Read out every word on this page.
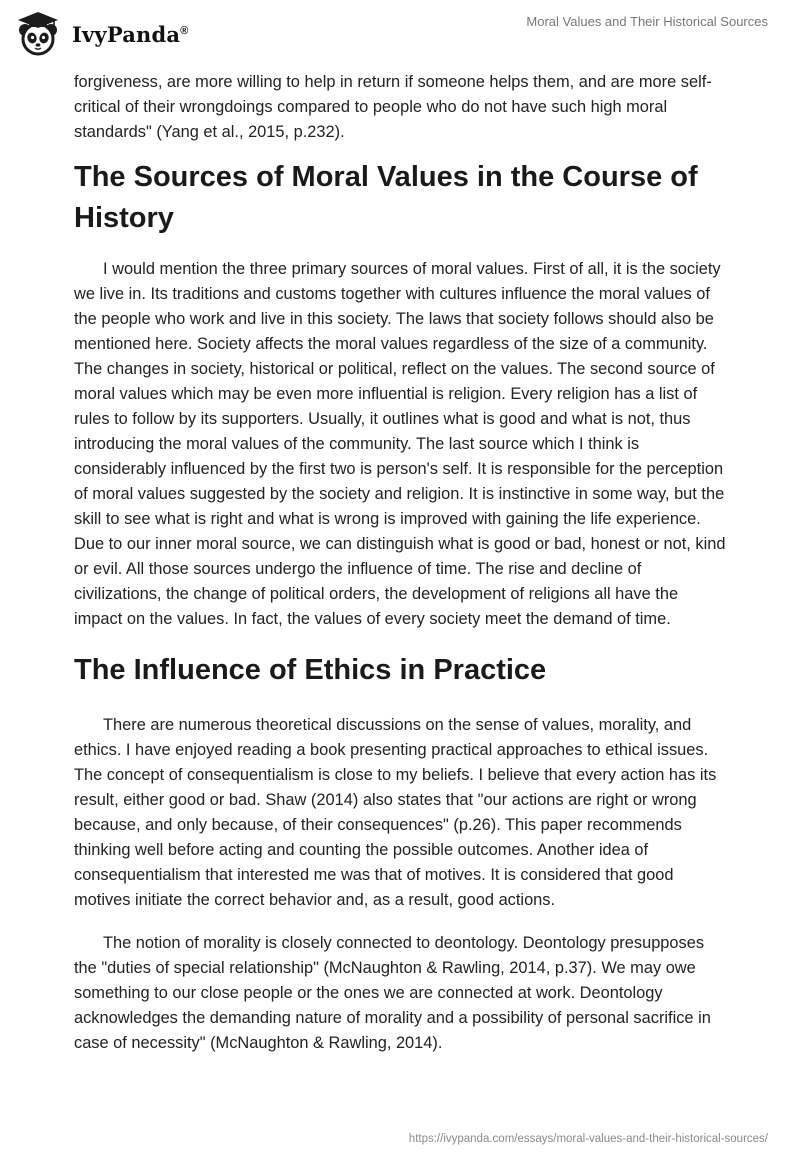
IvyPanda®
Moral Values and Their Historical Sources

forgiveness, are more willing to help in return if someone helps them, and are more self-critical of their wrongdoings compared to people who do not have such high moral standards" (Yang et al., 2015, p.232).

The Sources of Moral Values in the Course of History

I would mention the three primary sources of moral values. First of all, it is the society we live in. Its traditions and customs together with cultures influence the moral values of the people who work and live in this society. The laws that society follows should also be mentioned here. Society affects the moral values regardless of the size of a community. The changes in society, historical or political, reflect on the values. The second source of moral values which may be even more influential is religion. Every religion has a list of rules to follow by its supporters. Usually, it outlines what is good and what is not, thus introducing the moral values of the community. The last source which I think is considerably influenced by the first two is person's self. It is responsible for the perception of moral values suggested by the society and religion. It is instinctive in some way, but the skill to see what is right and what is wrong is improved with gaining the life experience. Due to our inner moral source, we can distinguish what is good or bad, honest or not, kind or evil. All those sources undergo the influence of time. The rise and decline of civilizations, the change of political orders, the development of religions all have the impact on the values. In fact, the values of every society meet the demand of time.

The Influence of Ethics in Practice

There are numerous theoretical discussions on the sense of values, morality, and ethics. I have enjoyed reading a book presenting practical approaches to ethical issues. The concept of consequentialism is close to my beliefs. I believe that every action has its result, either good or bad. Shaw (2014) also states that "our actions are right or wrong because, and only because, of their consequences" (p.26). This paper recommends thinking well before acting and counting the possible outcomes. Another idea of consequentialism that interested me was that of motives. It is considered that good motives initiate the correct behavior and, as a result, good actions.

The notion of morality is closely connected to deontology. Deontology presupposes the "duties of special relationship" (McNaughton & Rawling, 2014, p.37). We may owe something to our close people or the ones we are connected at work. Deontology acknowledges the demanding nature of morality and a possibility of personal sacrifice in case of necessity" (McNaughton & Rawling, 2014).

https://ivypanda.com/essays/moral-values-and-their-historical-sources/
